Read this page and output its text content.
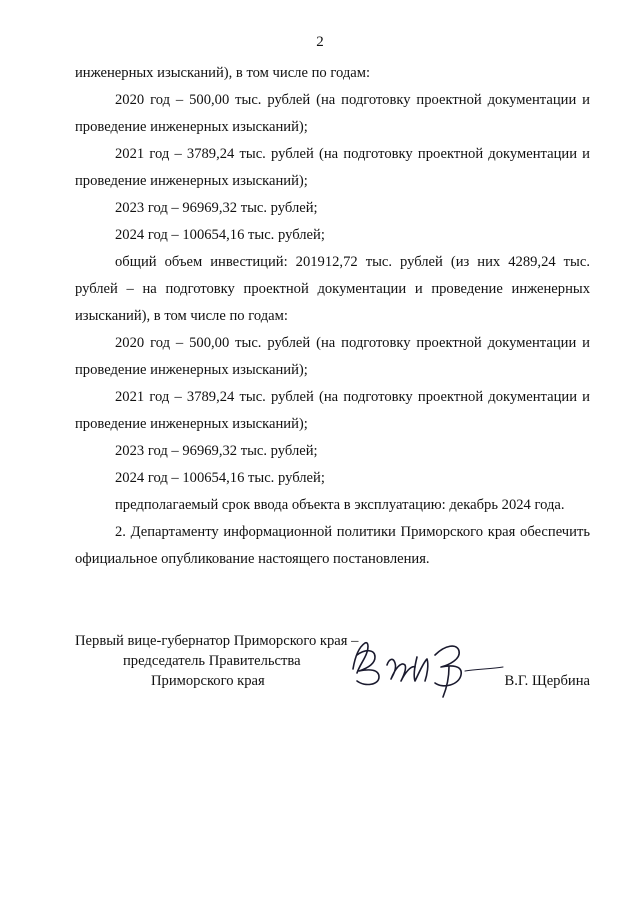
2

инженерных изысканий), в том числе по годам:

2020 год – 500,00 тыс. рублей (на подготовку проектной документации и проведение инженерных изысканий);

2021 год – 3789,24 тыс. рублей (на подготовку проектной документации и проведение инженерных изысканий);

2023 год – 96969,32 тыс. рублей;

2024 год – 100654,16 тыс. рублей;

общий объем инвестиций: 201912,72 тыс. рублей (из них 4289,24 тыс. рублей – на подготовку проектной документации и проведение инженерных изысканий), в том числе по годам:

2020 год – 500,00 тыс. рублей (на подготовку проектной документации и проведение инженерных изысканий);

2021 год – 3789,24 тыс. рублей (на подготовку проектной документации и проведение инженерных изысканий);

2023 год – 96969,32 тыс. рублей;

2024 год – 100654,16 тыс. рублей;

предполагаемый срок ввода объекта в эксплуатацию: декабрь 2024 года.

2. Департаменту информационной политики Приморского края обеспечить официальное опубликование настоящего постановления.

Первый вице-губернатор Приморского края –
председатель Правительства
Приморского края	В.Г. Щербина
